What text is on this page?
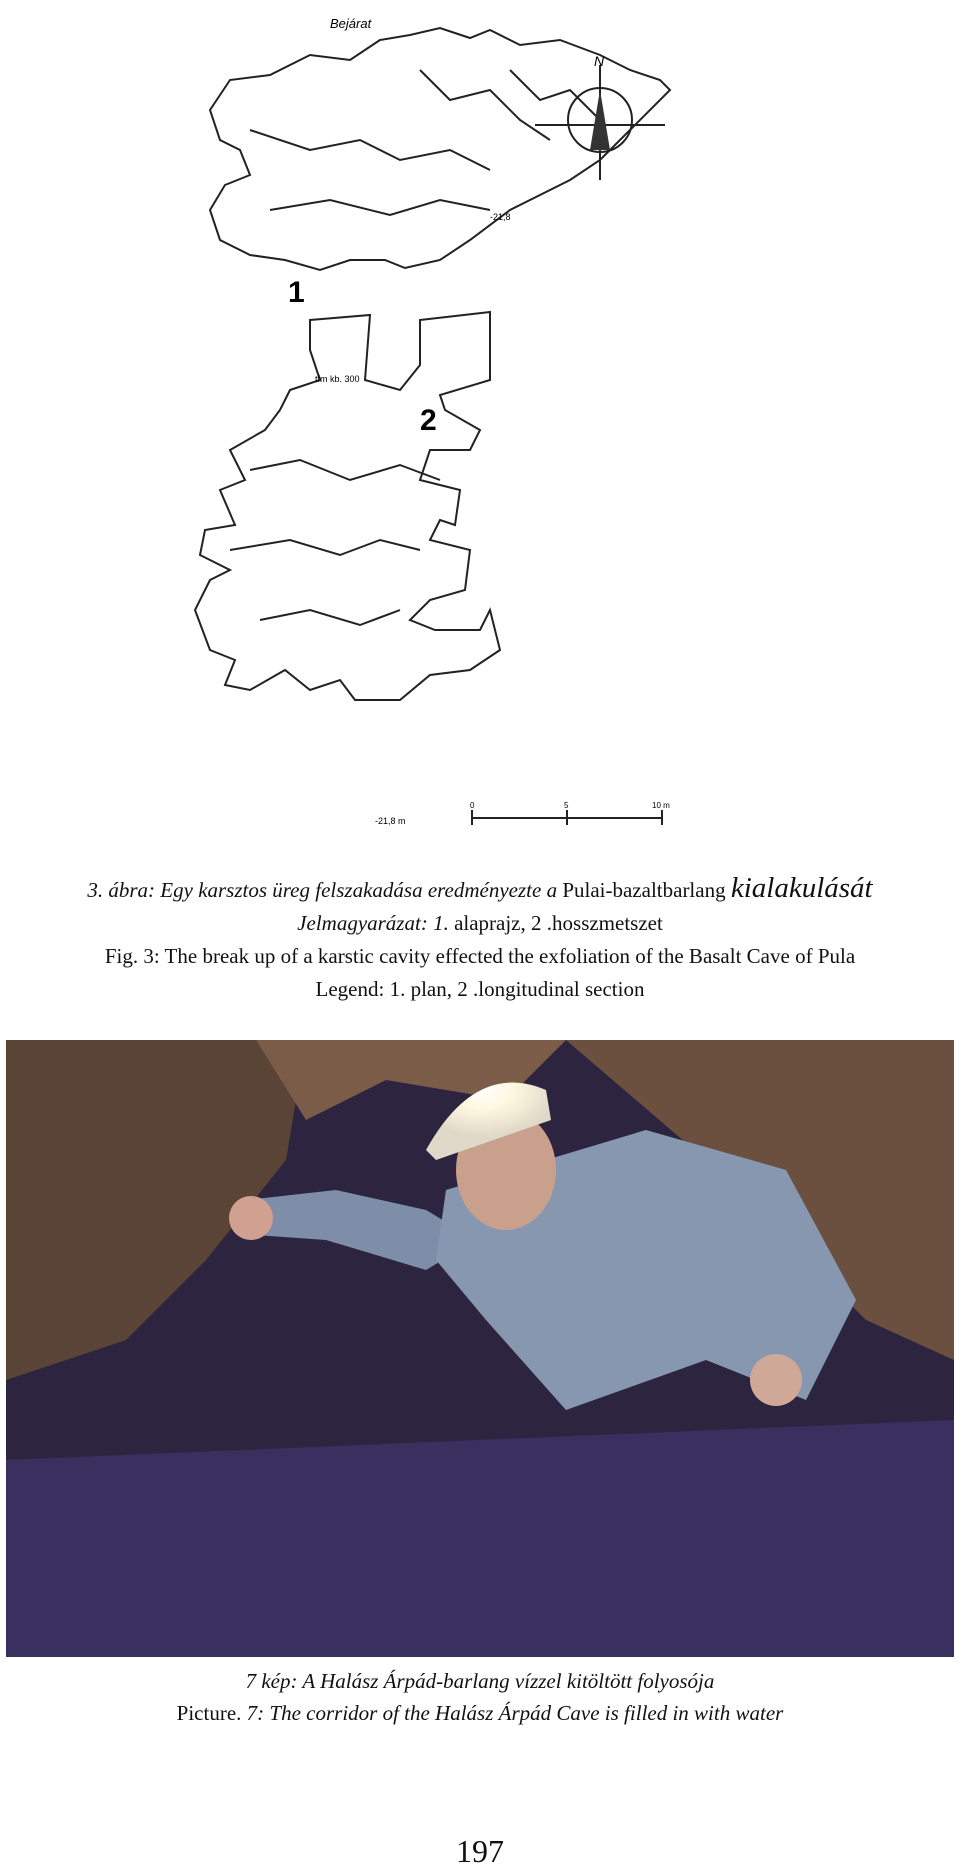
Bejárat
N
1
-21,8
2
tfm kb. 300
-21,8 m
0	5	10 m
3. ábra: Egy karsztos üreg felszakadása eredményezte a Pulai-bazaltbarlang kialakulását
Jelmagyarázat: 1. alaprajz, 2 .hosszmetszet
Fig. 3: The break up of a karstic cavity effected the exfoliation of the Basalt Cave of Pula
Legend: 1. plan, 2 .longitudinal section
7 kép: A Halász Árpád-barlang vízzel kitöltött folyosója
Picture. 7: The corridor of the Halász Árpád Cave is filled in with water
197
